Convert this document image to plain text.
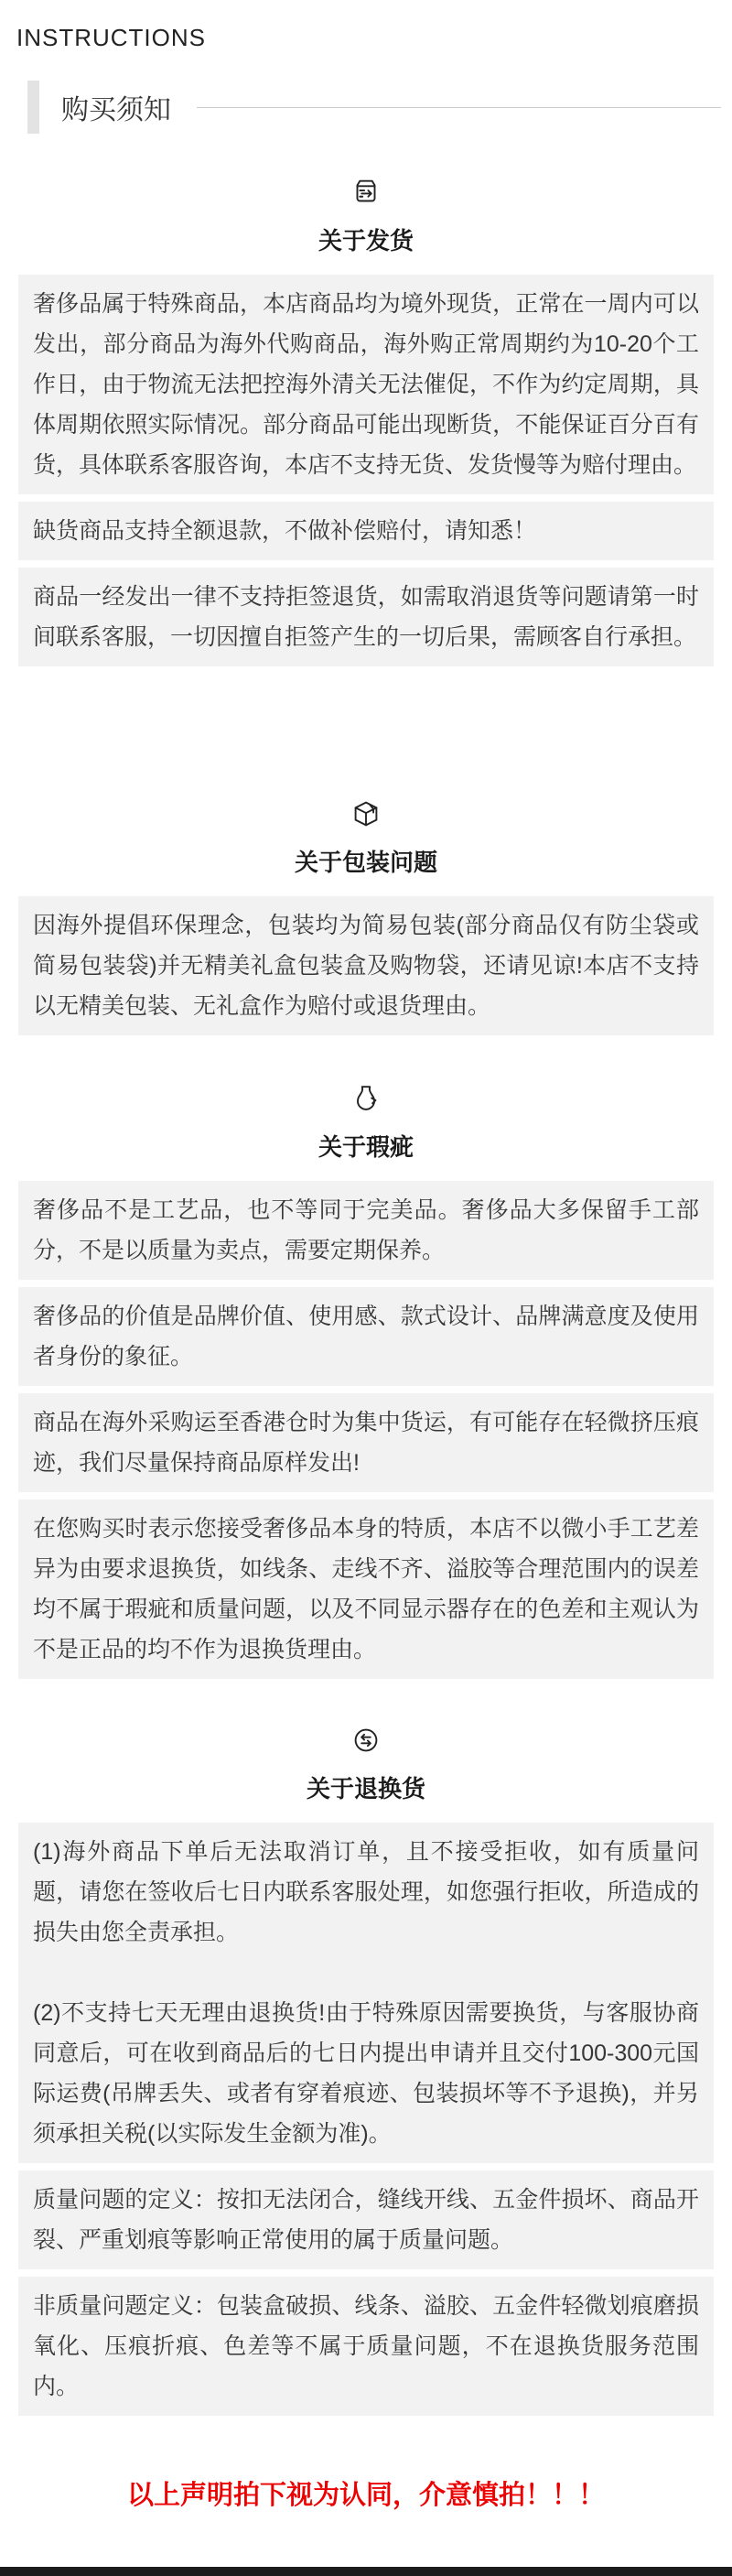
INSTRUCTIONS
购买须知
关于发货

奢侈品属于特殊商品，本店商品均为境外现货，正常在一周内可以发出，部分商品为海外代购商品，海外购正常周期约为10-20个工作日，由于物流无法把控海外清关无法催促，不作为约定周期，具体周期依照实际情况。部分商品可能出现断货，不能保证百分百有货，具体联系客服咨询，本店不支持无货、发货慢等为赔付理由。

缺货商品支持全额退款，不做补偿赔付，请知悉！

商品一经发出一律不支持拒签退货，如需取消退货等问题请第一时间联系客服，一切因擅自拒签产生的一切后果，需顾客自行承担。

关于包装问题

因海外提倡环保理念，包装均为简易包装(部分商品仅有防尘袋或简易包装袋)并无精美礼盒包装盒及购物袋，还请见谅!本店不支持以无精美包装、无礼盒作为赔付或退货理由。

关于瑕疵

奢侈品不是工艺品，也不等同于完美品。奢侈品大多保留手工部分，不是以质量为卖点，需要定期保养。

奢侈品的价值是品牌价值、使用感、款式设计、品牌满意度及使用者身份的象征。

商品在海外采购运至香港仓时为集中货运，有可能存在轻微挤压痕迹，我们尽量保持商品原样发出!

在您购买时表示您接受奢侈品本身的特质，本店不以微小手工艺差异为由要求退换货，如线条、走线不齐、溢胶等合理范围内的误差均不属于瑕疵和质量问题，以及不同显示器存在的色差和主观认为不是正品的均不作为退换货理由。

关于退换货

(1)海外商品下单后无法取消订单，且不接受拒收，如有质量问题，请您在签收后七日内联系客服处理，如您强行拒收，所造成的损失由您全责承担。

(2)不支持七天无理由退换货!由于特殊原因需要换货，与客服协商同意后，可在收到商品后的七日内提出申请并且交付100-300元国际运费(吊牌丢失、或者有穿着痕迹、包装损坏等不予退换)，并另须承担关税(以实际发生金额为准)。

质量问题的定义：按扣无法闭合，缝线开线、五金件损坏、商品开裂、严重划痕等影响正常使用的属于质量问题。

非质量问题定义：包装盒破损、线条、溢胶、五金件轻微划痕磨损氧化、压痕折痕、色差等不属于质量问题，不在退换货服务范围内。

以上声明拍下视为认同，介意慎拍！！！
